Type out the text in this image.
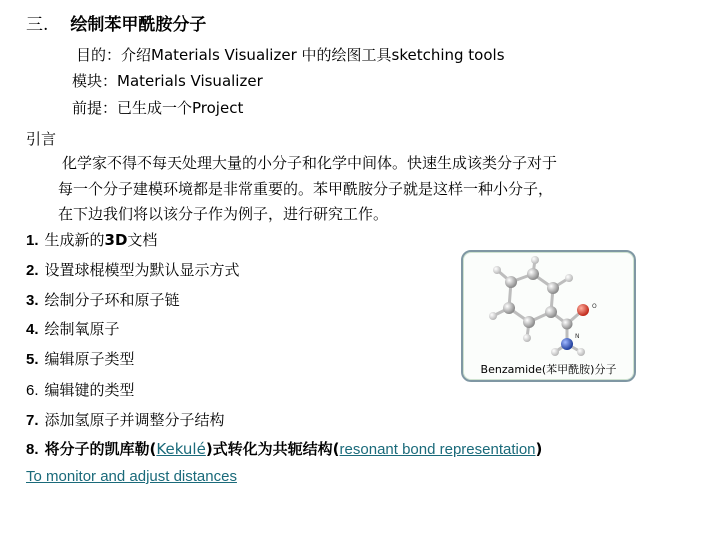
三. 绘制苯甲酰胺分子
目的：介绍Materials Visualizer 中的绘图工具sketching tools
模块：Materials Visualizer
前提：已生成一个Project
引言
化学家不得不每天处理大量的小分子和化学中间体。快速生成该类分子对于
每一个分子建模环境都是非常重要的。苯甲酰胺分子就是这样一种小分子，
在下边我们将以该分子作为例子，进行研究工作。
1. 生成新的3D文档
2. 设置球棍模型为默认显示方式
3. 绘制分子环和原子链
4. 绘制氧原子
5. 编辑原子类型
6. 编辑键的类型
7. 添加氢原子并调整分子结构
8. 将分子的凯库勒(Kekulé)式转化为共轭结构(resonant bond representation)
To monitor and adjust distances
O
N
Benzamide(苯甲酰胺)分子
